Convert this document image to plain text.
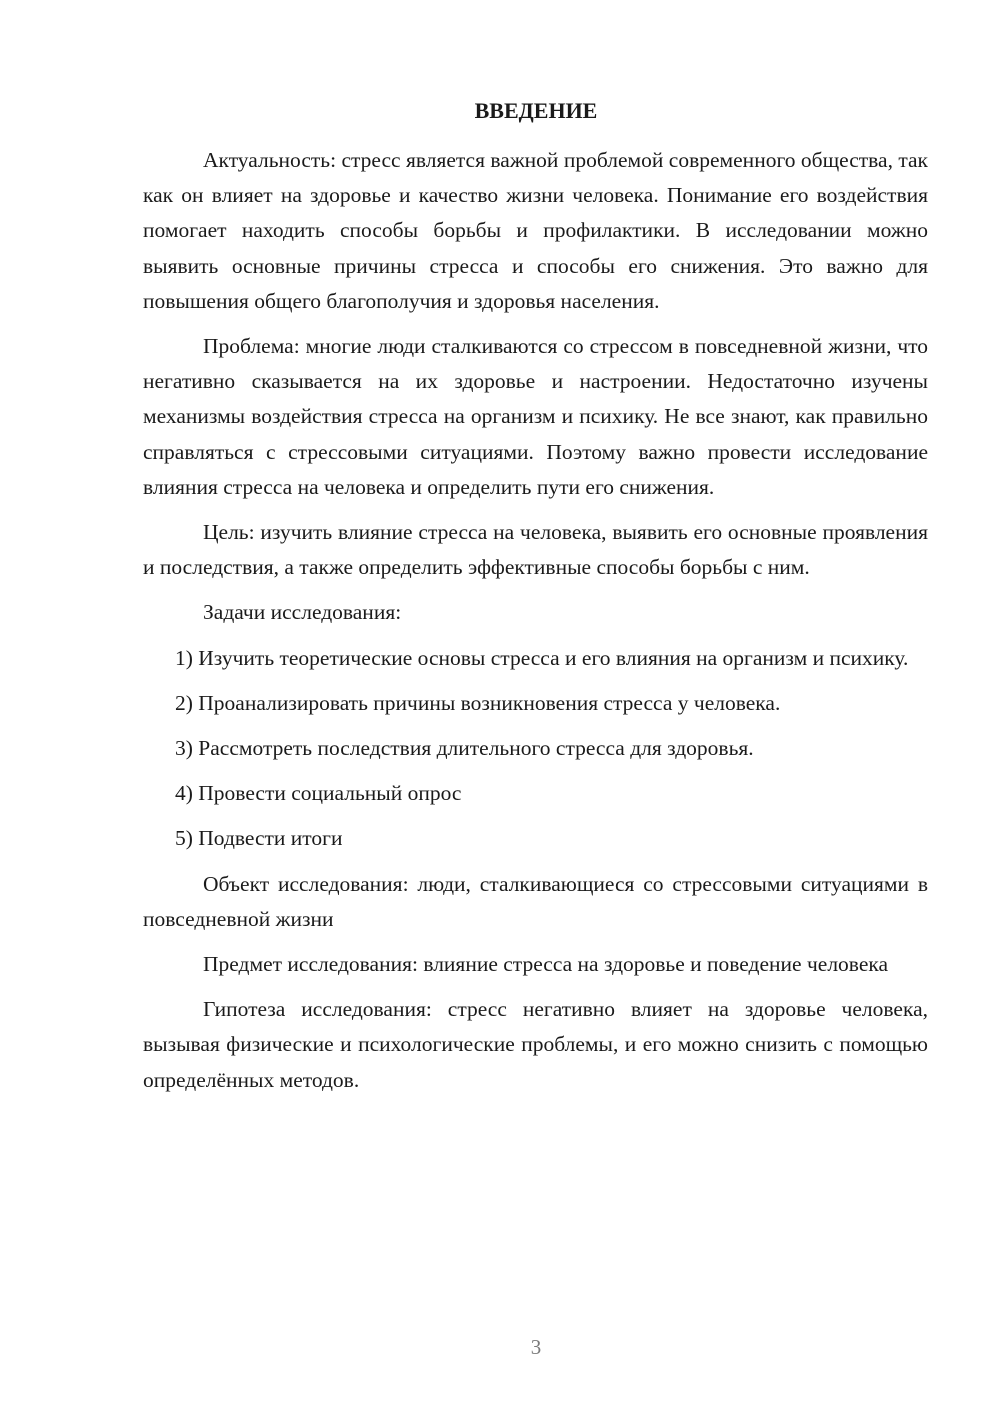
ВВЕДЕНИЕ

Актуальность: стресс является важной проблемой современного общества, так как он влияет на здоровье и качество жизни человека. Понимание его воздействия помогает находить способы борьбы и профилактики. В исследовании можно выявить основные причины стресса и способы его снижения. Это важно для повышения общего благополучия и здоровья населения.

Проблема: многие люди сталкиваются со стрессом в повседневной жизни, что негативно сказывается на их здоровье и настроении. Недостаточно изучены механизмы воздействия стресса на организм и психику. Не все знают, как правильно справляться с стрессовыми ситуациями. Поэтому важно провести исследование влияния стресса на человека и определить пути его снижения.

Цель: изучить влияние стресса на человека, выявить его основные проявления и последствия, а также определить эффективные способы борьбы с ним.

Задачи исследования:

1) Изучить теоретические основы стресса и его влияния на организм и психику.

2) Проанализировать причины возникновения стресса у человека.

3) Рассмотреть последствия длительного стресса для здоровья.

4) Провести социальный опрос

5) Подвести итоги

Объект исследования: люди, сталкивающиеся со стрессовыми ситуациями в повседневной жизни

Предмет исследования: влияние стресса на здоровье и поведение человека

Гипотеза исследования: стресс негативно влияет на здоровье человека, вызывая физические и психологические проблемы, и его можно снизить с помощью определённых методов.

3
